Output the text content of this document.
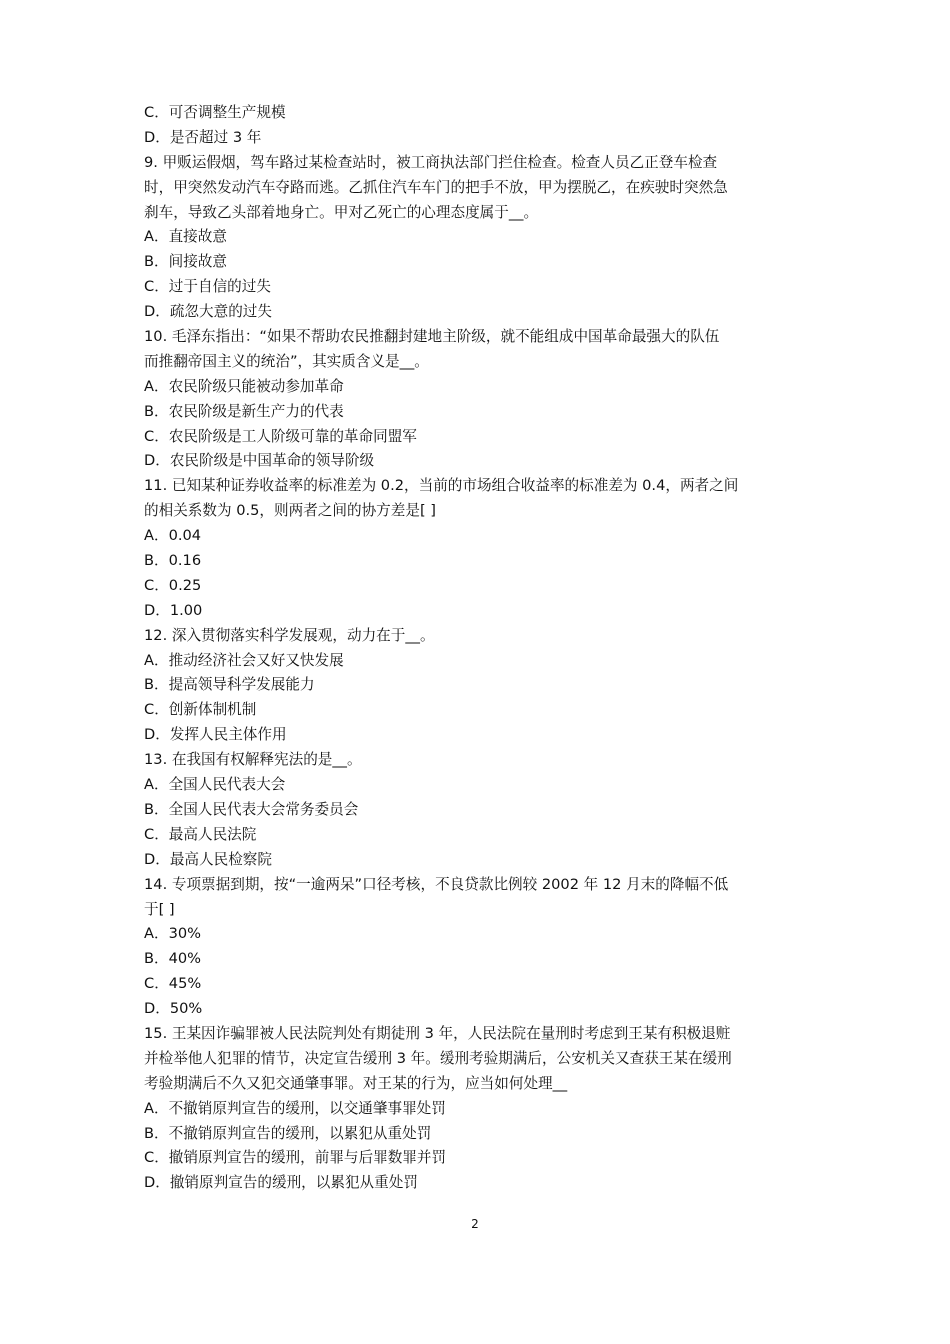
C．可否调整生产规模
D．是否超过 3 年
9. 甲贩运假烟，驾车路过某检查站时，被工商执法部门拦住检查。检查人员乙正登车检查
时，甲突然发动汽车夺路而逃。乙抓住汽车车门的把手不放，甲为摆脱乙，在疾驶时突然急
刹车，导致乙头部着地身亡。甲对乙死亡的心理态度属于__。
A．直接故意
B．间接故意
C．过于自信的过失
D．疏忽大意的过失
10. 毛泽东指出：“如果不帮助农民推翻封建地主阶级，就不能组成中国革命最强大的队伍
而推翻帝国主义的统治”，其实质含义是__。
A．农民阶级只能被动参加革命
B．农民阶级是新生产力的代表
C．农民阶级是工人阶级可靠的革命同盟军
D．农民阶级是中国革命的领导阶级
11. 已知某种证券收益率的标准差为 0.2，当前的市场组合收益率的标准差为 0.4，两者之间
的相关系数为 0.5，则两者之间的协方差是[ ]
A．0.04
B．0.16
C．0.25
D．1.00
12. 深入贯彻落实科学发展观，动力在于__。
A．推动经济社会又好又快发展
B．提高领导科学发展能力
C．创新体制机制
D．发挥人民主体作用
13. 在我国有权解释宪法的是__。
A．全国人民代表大会
B．全国人民代表大会常务委员会
C．最高人民法院
D．最高人民检察院
14. 专项票据到期，按“一逾两呆”口径考核，不良贷款比例较 2002 年 12 月末的降幅不低
于[ ]
A．30%
B．40%
C．45%
D．50%
15. 王某因诈骗罪被人民法院判处有期徒刑 3 年，人民法院在量刑时考虑到王某有积极退赃
并检举他人犯罪的情节，决定宣告缓刑 3 年。缓刑考验期满后，公安机关又查获王某在缓刑
考验期满后不久又犯交通肇事罪。对王某的行为，应当如何处理__
A．不撤销原判宣告的缓刑，以交通肇事罪处罚
B．不撤销原判宣告的缓刑，以累犯从重处罚
C．撤销原判宣告的缓刑，前罪与后罪数罪并罚
D．撤销原判宣告的缓刑，以累犯从重处罚
2
